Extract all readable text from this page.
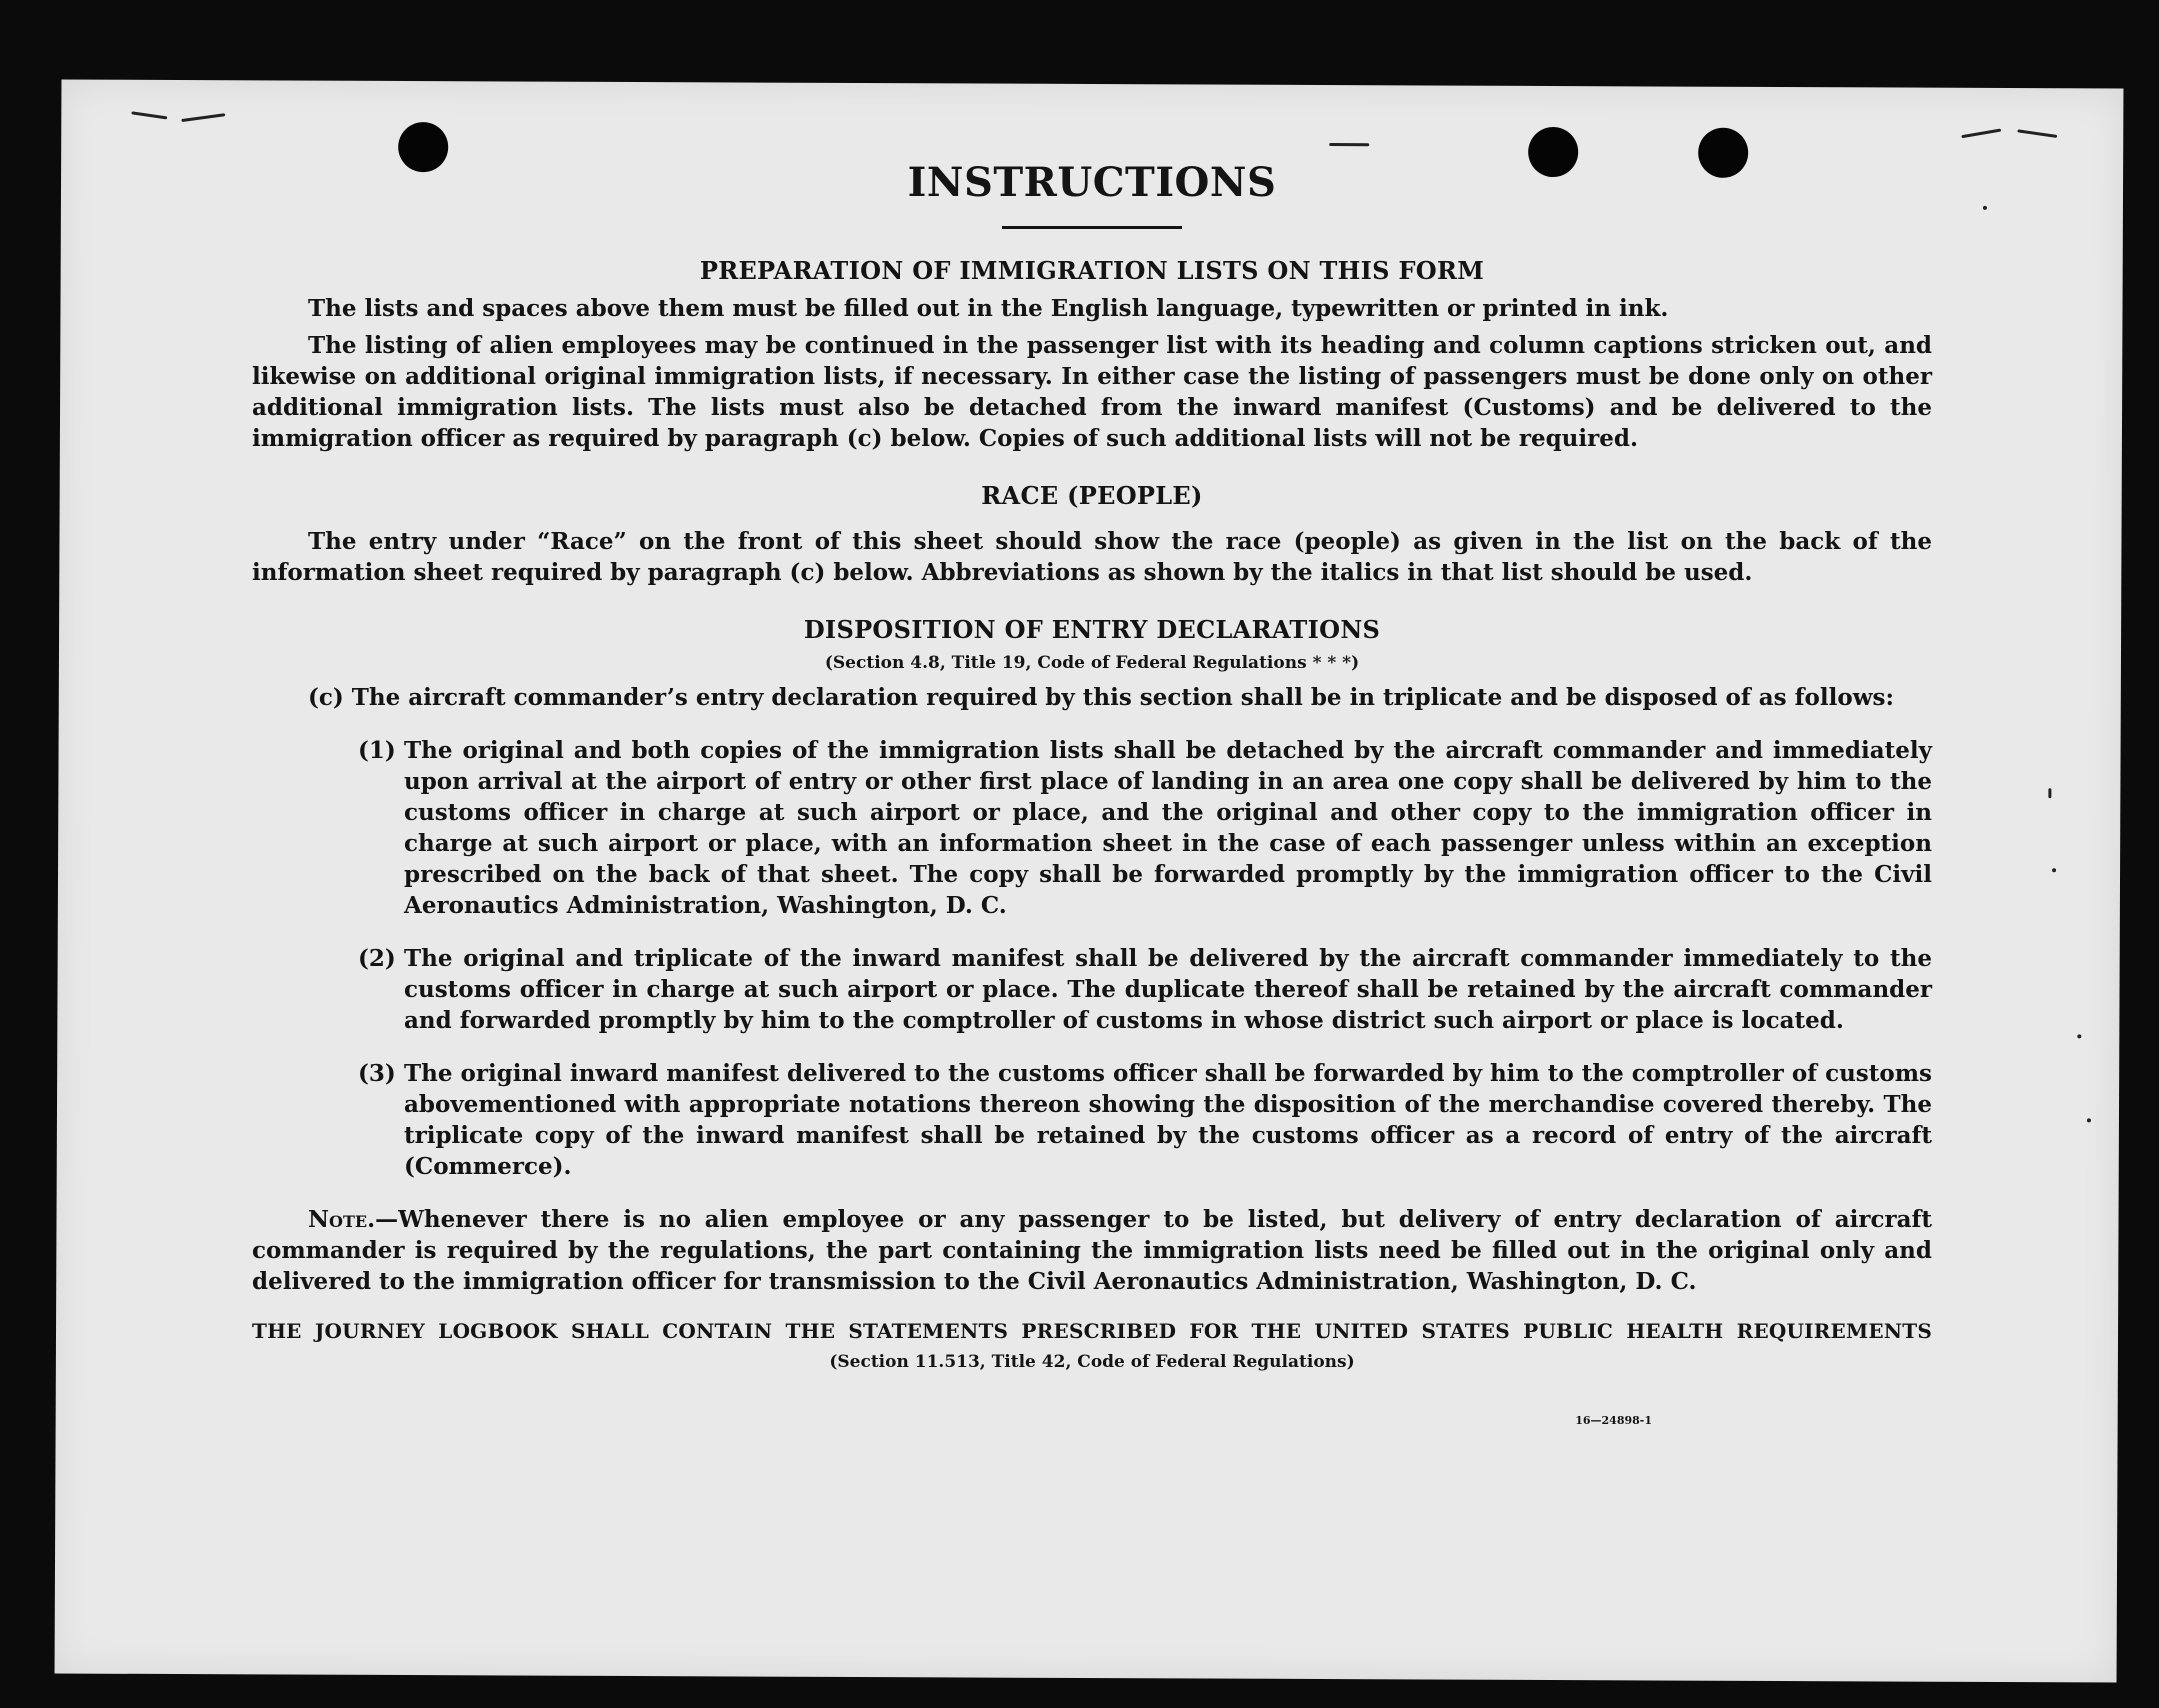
INSTRUCTIONS
PREPARATION OF IMMIGRATION LISTS ON THIS FORM

The lists and spaces above them must be filled out in the English language, typewritten or printed in ink.

The listing of alien employees may be continued in the passenger list with its heading and column captions stricken out, and likewise on additional original immigration lists, if necessary. In either case the listing of passengers must be done only on other additional immigration lists. The lists must also be detached from the inward manifest (Customs) and be delivered to the immigration officer as required by paragraph (c) below. Copies of such additional lists will not be required.

RACE (PEOPLE)

The entry under “Race” on the front of this sheet should show the race (people) as given in the list on the back of the information sheet required by paragraph (c) below. Abbreviations as shown by the italics in that list should be used.

DISPOSITION OF ENTRY DECLARATIONS
(Section 4.8, Title 19, Code of Federal Regulations * * *)

(c) The aircraft commander’s entry declaration required by this section shall be in triplicate and be disposed of as follows:

(1) The original and both copies of the immigration lists shall be detached by the aircraft commander and immediately upon arrival at the airport of entry or other first place of landing in an area one copy shall be delivered by him to the customs officer in charge at such airport or place, and the original and other copy to the immigration officer in charge at such airport or place, with an information sheet in the case of each passenger unless within an exception prescribed on the back of that sheet. The copy shall be forwarded promptly by the immigration officer to the Civil Aeronautics Administration, Washington, D. C.
(2) The original and triplicate of the inward manifest shall be delivered by the aircraft commander immediately to the customs officer in charge at such airport or place. The duplicate thereof shall be retained by the aircraft commander and forwarded promptly by him to the comptroller of customs in whose district such airport or place is located.
(3) The original inward manifest delivered to the customs officer shall be forwarded by him to the comptroller of customs abovementioned with appropriate notations thereon showing the disposition of the merchandise covered thereby. The triplicate copy of the inward manifest shall be retained by the customs officer as a record of entry of the aircraft (Commerce).

Note.—Whenever there is no alien employee or any passenger to be listed, but delivery of entry declaration of aircraft commander is required by the regulations, the part containing the immigration lists need be filled out in the original only and delivered to the immigration officer for transmission to the Civil Aeronautics Administration, Washington, D. C.

THE JOURNEY LOGBOOK SHALL CONTAIN THE STATEMENTS PRESCRIBED FOR THE UNITED STATES PUBLIC HEALTH REQUIREMENTS
(Section 11.513, Title 42, Code of Federal Regulations)
16—24898-1
